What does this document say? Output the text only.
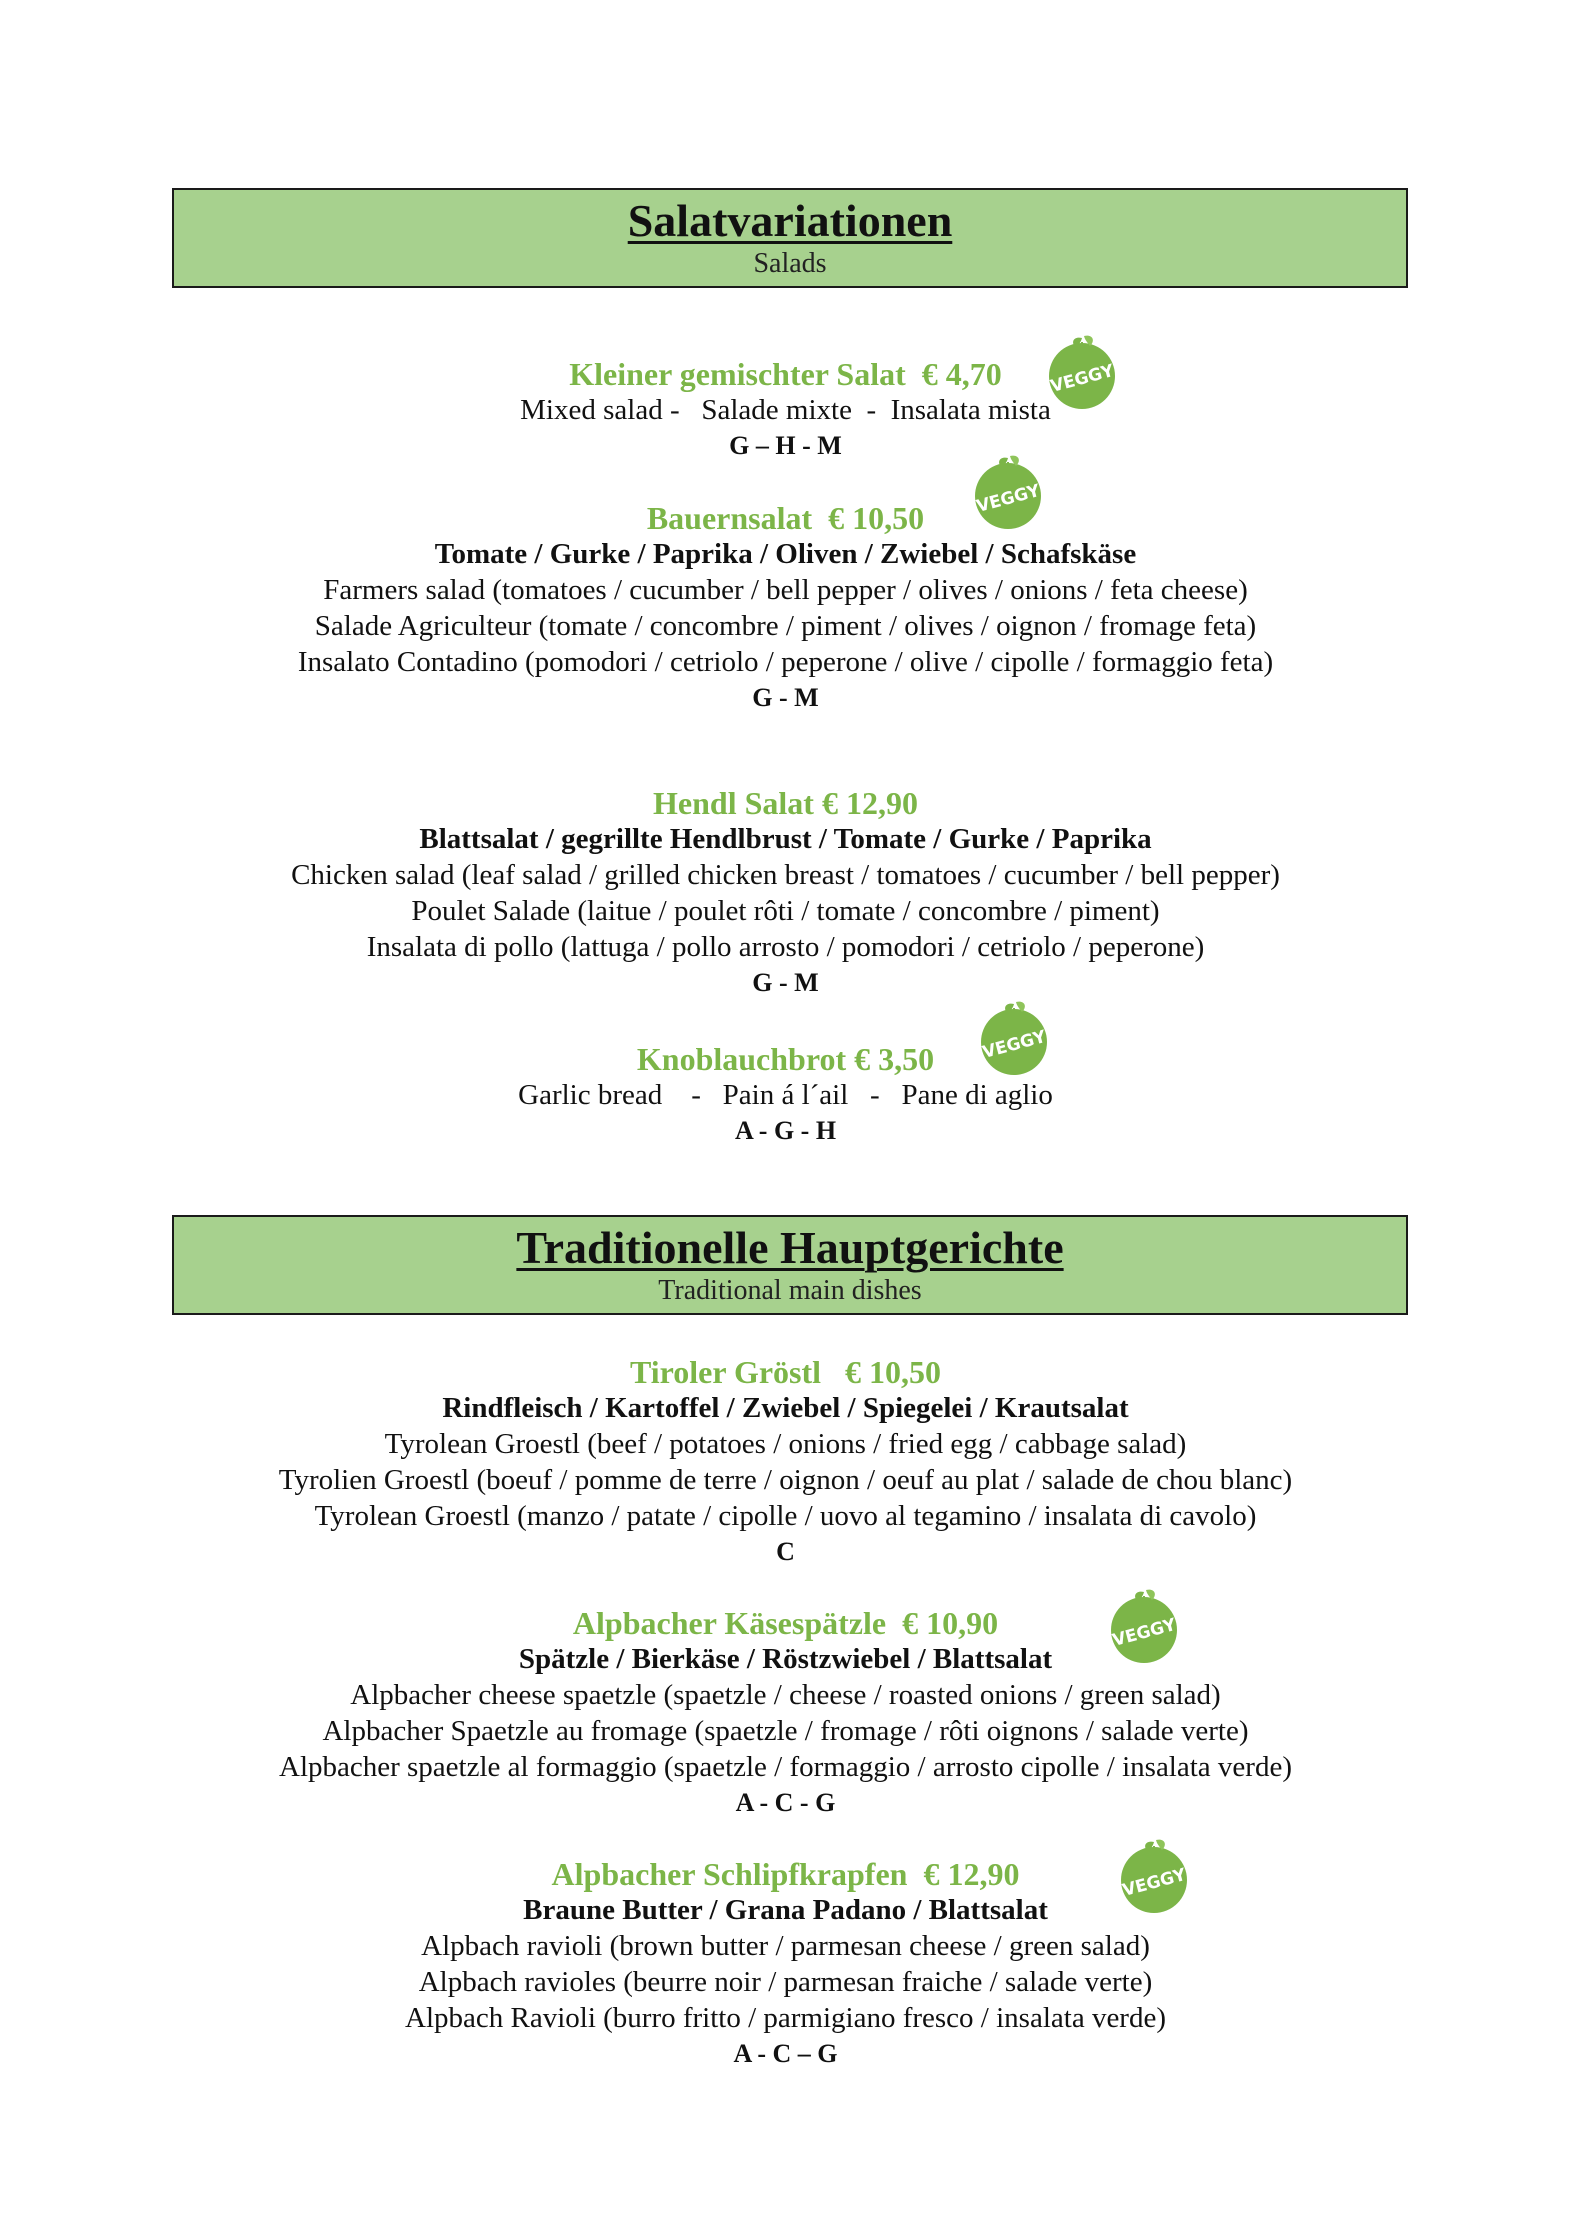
Salatvariationen
Salads
Kleiner gemischter Salat  € 4,70
Mixed salad -   Salade mixte  -  Insalata mista
G – H - M
Bauernsalat  € 10,50
Tomate / Gurke / Paprika / Oliven / Zwiebel / Schafskäse
Farmers salad (tomatoes / cucumber / bell pepper / olives / onions / feta cheese)
Salade Agriculteur (tomate / concombre / piment / olives / oignon / fromage feta)
Insalato Contadino (pomodori / cetriolo / peperone / olive / cipolle / formaggio feta)
G - M
Hendl Salat € 12,90
Blattsalat / gegrillte Hendlbrust / Tomate / Gurke / Paprika
Chicken salad (leaf salad / grilled chicken breast / tomatoes / cucumber / bell pepper)
Poulet Salade (laitue / poulet rôti / tomate / concombre / piment)
Insalata di pollo (lattuga / pollo arrosto / pomodori / cetriolo / peperone)
G - M
Knoblauchbrot € 3,50
Garlic bread    -   Pain á l´ail   -   Pane di aglio
A - G - H
Traditionelle Hauptgerichte
Traditional main dishes
Tiroler Gröstl   € 10,50
Rindfleisch / Kartoffel / Zwiebel / Spiegelei / Krautsalat
Tyrolean Groestl (beef / potatoes / onions / fried egg / cabbage salad)
Tyrolien Groestl (boeuf / pomme de terre / oignon / oeuf au plat / salade de chou blanc)
Tyrolean Groestl (manzo / patate / cipolle / uovo al tegamino / insalata di cavolo)
C
Alpbacher Käsespätzle  € 10,90
Spätzle / Bierkäse / Röstzwiebel / Blattsalat
Alpbacher cheese spaetzle (spaetzle / cheese / roasted onions / green salad)
Alpbacher Spaetzle au fromage (spaetzle / fromage / rôti oignons / salade verte)
Alpbacher spaetzle al formaggio (spaetzle / formaggio / arrosto cipolle / insalata verde)
A - C - G
Alpbacher Schlipfkrapfen  € 12,90
Braune Butter / Grana Padano / Blattsalat
Alpbach ravioli (brown butter / parmesan cheese / green salad)
Alpbach ravioles (beurre noir / parmesan fraiche / salade verte)
Alpbach Ravioli (burro fritto / parmigiano fresco / insalata verde)
A - C – G
